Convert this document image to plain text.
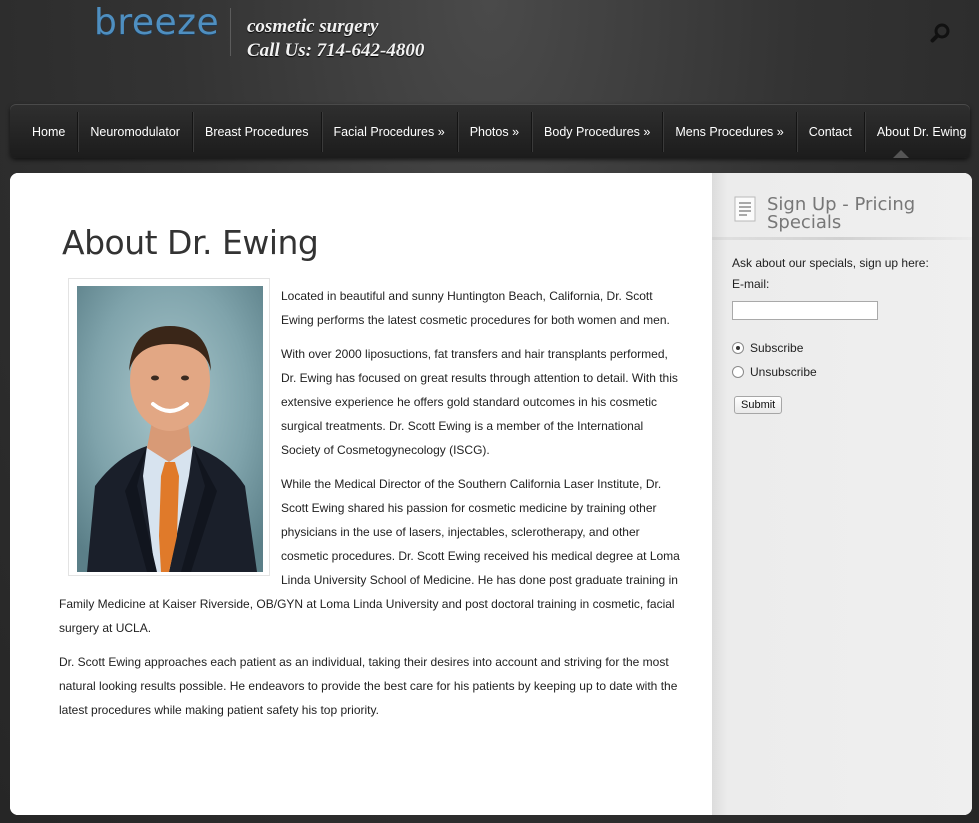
breeze cosmetic surgery
Call Us: 714-642-4800
Home	Neuromodulator	Breast Procedures	Facial Procedures »	Photos »	Body Procedures »	Mens Procedures »	Contact	About Dr. Ewing
About Dr. Ewing

Located in beautiful and sunny Huntington Beach, California, Dr. Scott Ewing performs the latest cosmetic procedures for both women and men.

With over 2000 liposuctions, fat transfers and hair transplants performed, Dr. Ewing has focused on great results through attention to detail. With this extensive experience he offers gold standard outcomes in his cosmetic surgical treatments. Dr. Scott Ewing is a member of the International Society of Cosmetogynecology (ISCG).

While the Medical Director of the Southern California Laser Institute, Dr. Scott Ewing shared his passion for cosmetic medicine by training other physicians in the use of lasers, injectables, sclerotherapy, and other cosmetic procedures. Dr. Scott Ewing received his medical degree at Loma Linda University School of Medicine. He has done post graduate training in Family Medicine at Kaiser Riverside, OB/GYN at Loma Linda University and post doctoral training in cosmetic, facial surgery at UCLA.

Dr. Scott Ewing approaches each patient as an individual, taking their desires into account and striving for the most natural looking results possible. He endeavors to provide the best care for his patients by keeping up to date with the latest procedures while making patient safety his top priority.

Sign Up - Pricing Specials
Ask about our specials, sign up here:
E-mail:
Subscribe
Unsubscribe
Submit
